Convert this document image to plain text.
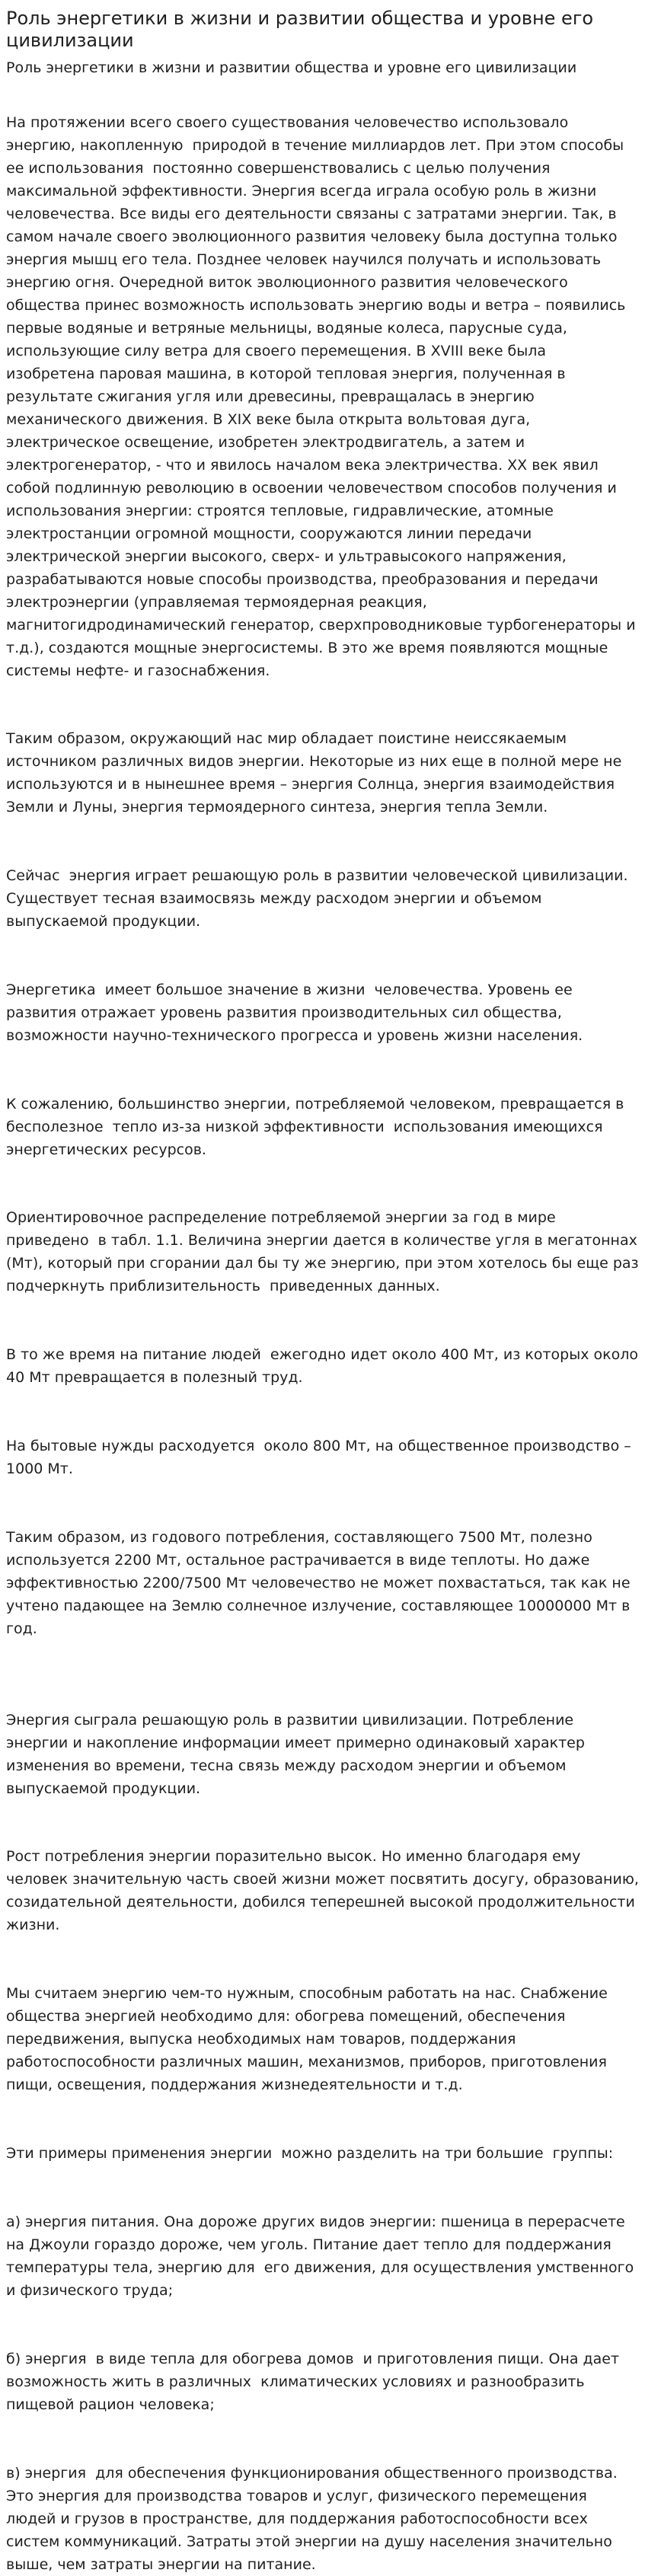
Роль энергетики в жизни и развитии общества и уровне его цивилизации

Роль энергетики в жизни и развитии общества и уровне его цивилизации

Нa протяжении всего своего существования человечество использовало энергию, накопленную  природой в течение миллиардов лет. При этом способы ее использования  постоянно совершенствовались с целью получения максимальной эффективности. Энергия всегда играла особую роль в жизни человечества. Все виды его деятельности связаны с затратами энергии. Так, в самом начале своего эволюционного развития человеку была доступна только энергия мышц его тела. Позднее человек научился получать и использовать энергию огня. Очередной виток эволюционного развития человеческого общества принес возможность использовать энергию воды и ветра – появились первые водяные и ветряные мельницы, водяные колеса, парусные суда, использующие силу ветра для своего перемещения. В XVIII веке была изобретена паровая машина, в которой тепловая энергия, полученная в результате сжигания угля или древесины, превращалась в энергию механического движения. В XIX веке была открыта вольтовая дуга, электрическое освещение, изобретен электродвигатель, а затем и электрогенератор, - что и явилось началом века электричества. XX век явил собой подлинную революцию в освоении человечеством способов получения и использования энергии: строятся тепловые, гидравлические, атомные электростанции огромной мощности, сооружаются линии передачи электрической энергии высокого, сверх- и ультравысокого напряжения, разрабатываются новые способы производства, преобразования и передачи электроэнергии (управляемая термоядерная реакция, магнитогидродинамический генератор, сверхпроводниковые турбогенераторы и т.д.), создаются мощные энергосистемы. В это же время появляются мощные системы нефте- и газоснабжения.

Таким образом, окружающий нас мир обладает поистине неиссякаемым источником различных видов энергии. Некоторые из них еще в полной мере не используются и в нынешнее время – энергия Солнца, энергия взаимодействия Земли и Луны, энергия термоядерного синтеза, энергия тепла Земли.

Сейчас  энергия играет решающую роль в развитии человеческой цивилизации. Существует тесная взаимосвязь между расходом энергии и объемом выпускаемой продукции.

Энергетика  имеет большое значение в жизни  человечества. Уровень ее развития отражает уровень развития производительных сил общества, возможности научно-технического прогресса и уровень жизни населения.

К сожалению, большинство энергии, потребляемой человеком, превращается в бесполезное  тепло из-за низкой эффективности  использования имеющихся энергетических ресурсов.

Ориентировочное распределение потребляемой энергии за год в мире приведено  в табл. 1.1. Величина энергии дается в количестве угля в мегатоннах (Мт), который при сгорании дал бы ту же энергию, при этом хотелось бы еще раз подчеркнуть приблизительность  приведенных данных.

В то же время на питание людей  ежегодно идет около 400 Мт, из которых около 40 Мт превращается в полезный труд.

На бытовые нужды расходуется  около 800 Мт, на общественное производство – 1000 Мт.

Таким образом, из годового потребления, составляющего 7500 Мт, полезно используется 2200 Мт, остальное растрачивается в виде теплоты. Но даже эффективностью 2200/7500 Мт человечество не может похвастаться, так как не учтено падающее на Землю солнечное излучение, составляющее 10000000 Мт в год.

Энергия сыграла решающую роль в развитии цивилизации. Потребление энергии и накопление информации имеет примерно одинаковый характер изменения во времени, тесна связь между расходом энергии и объемом выпускаемой продукции.

Рост потребления энергии поразительно высок. Но именно благодаря ему человек значительную часть своей жизни может посвятить досугу, образованию, созидательной деятельности, добился теперешней высокой продолжительности жизни.

Мы считаем энергию чем-то нужным, способным работать на нас. Снабжение общества энергией необходимо для: обогрева помещений, обеспечения передвижения, выпуска необходимых нам товаров, поддержания работоспособности различных машин, механизмов, приборов, приготовления пищи, освещения, поддержания жизнедеятельности и т.д.

Эти примеры применения энергии  можно разделить на три большие  группы:

а) энергия питания. Она дороже других видов энергии: пшеница в перерасчете на Джоули гораздо дороже, чем уголь. Питание дает тепло для поддержания температуры тела, энергию для  его движения, для осуществления умственного и физического труда;

б) энергия  в виде тепла для обогрева домов  и приготовления пищи. Она дает возможность жить в различных  климатических условиях и разнообразить пищевой рацион человека;

в) энергия  для обеспечения функционирования общественного производства. Это энергия для производства товаров и услуг, физического перемещения людей и грузов в пространстве, для поддержания работоспособности всех систем коммуникаций. Затраты этой энергии на душу населения значительно выше, чем затраты энергии на питание.
